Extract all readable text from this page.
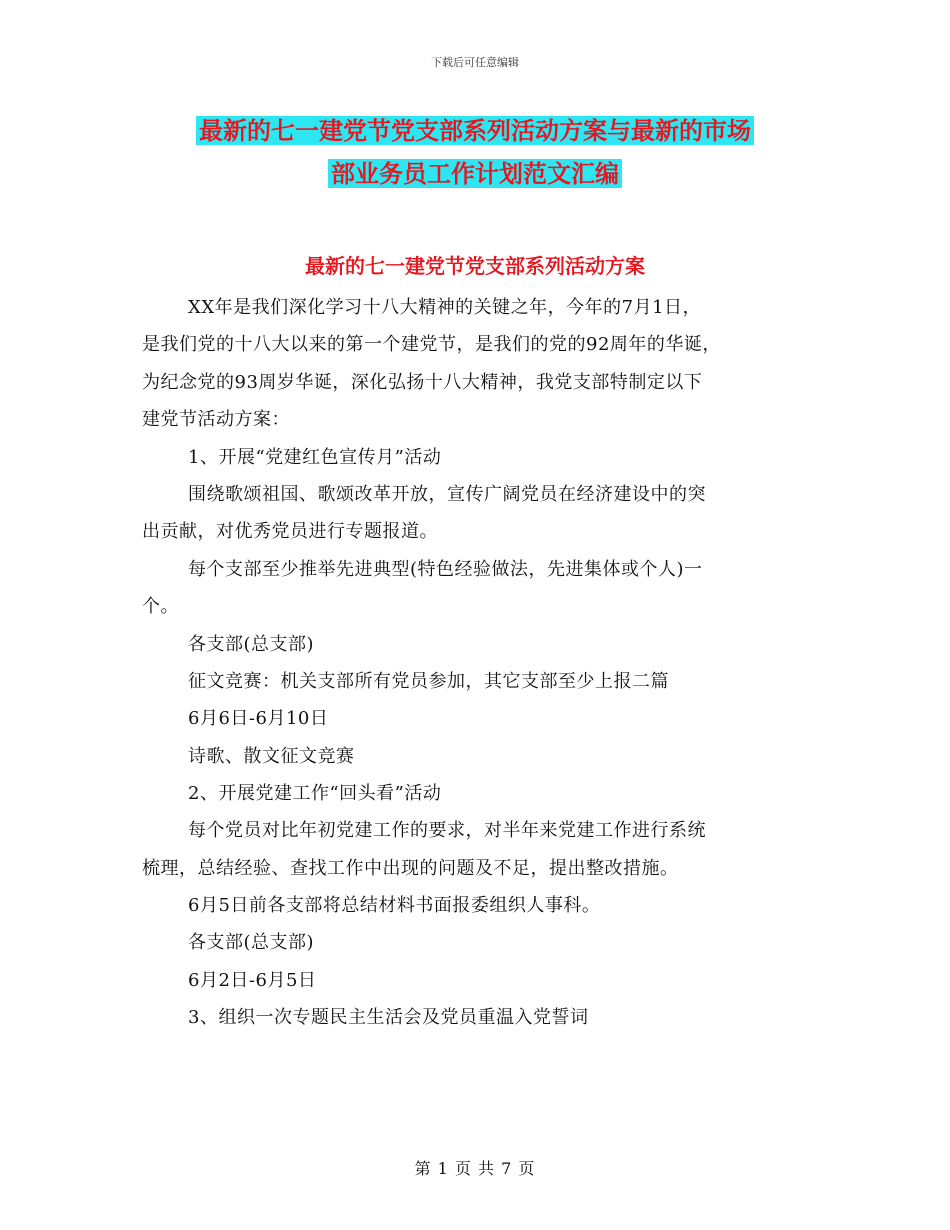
下载后可任意编辑
最新的七一建党节党支部系列活动方案与最新的市场
部业务员工作计划范文汇编
最新的七一建党节党支部系列活动方案
XX年是我们深化学习十八大精神的关键之年，今年的7月1日，
是我们党的十八大以来的第一个建党节，是我们的党的92周年的华诞，
为纪念党的93周岁华诞，深化弘扬十八大精神，我党支部特制定以下
建党节活动方案：
1、开展“党建红色宣传月”活动
围绕歌颂祖国、歌颂改革开放，宣传广阔党员在经济建设中的突
出贡献，对优秀党员进行专题报道。
每个支部至少推举先进典型(特色经验做法，先进集体或个人)一
个。
各支部(总支部)
征文竞赛：机关支部所有党员参加，其它支部至少上报二篇
6月6日-6月10日
诗歌、散文征文竞赛
2、开展党建工作“回头看”活动
每个党员对比年初党建工作的要求，对半年来党建工作进行系统
梳理，总结经验、查找工作中出现的问题及不足，提出整改措施。
6月5日前各支部将总结材料书面报委组织人事科。
各支部(总支部)
6月2日-6月5日
3、组织一次专题民主生活会及党员重温入党誓词
第 1 页 共 7 页
